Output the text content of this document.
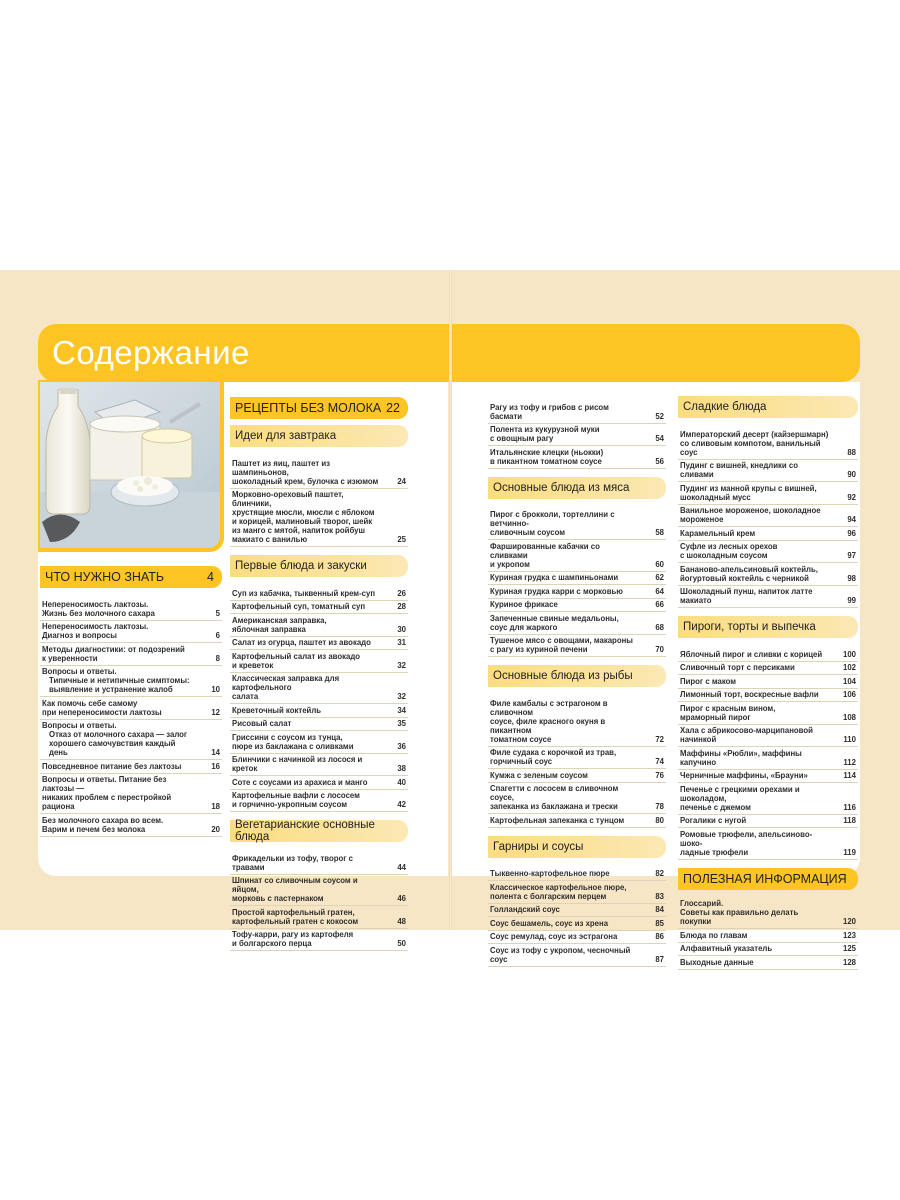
Содержание
ЧТО НУЖНО ЗНАТЬ	4
Непереносимость лактозы.
Жизнь без молочного сахара	5
Непереносимость лактозы.
Диагноз и вопросы	6
Методы диагностики: от подозрений
к уверенности	8
Вопросы и ответы.
Типичные и нетипичные симптомы:
выявление и устранение жалоб	10
Как помочь себе самому
при непереносимости лактозы	12
Вопросы и ответы.
Отказ от молочного сахара — залог
хорошего самочувствия каждый день	14
Повседневное питание без лактозы	16
Вопросы и ответы. Питание без лактозы —
никаких проблем с перестройкой рациона	18
Без молочного сахара во всем.
Варим и печем без молока	20
РЕЦЕПТЫ БЕЗ МОЛОКА 22
Идеи для завтрака
Паштет из яиц, паштет из шампиньонов,
шоколадный крем, булочка с изюмом	24
Морковно-ореховый паштет, блинчики,
хрустящие мюсли, мюсли с яблоком
и корицей, малиновый творог, шейк
из манго с мятой, напиток ройбуш
макиато с ванилью	25
Первые блюда и закуски
Суп из кабачка, тыквенный крем-суп	26
Картофельный суп, томатный суп	28
Американская заправка,
яблочная заправка	30
Салат из огурца, паштет из авокадо	31
Картофельный салат из авокадо
и креветок	32
Классическая заправка для картофельного
салата	32
Креветочный коктейль	34
Рисовый салат	35
Гриссини с соусом из тунца,
пюре из баклажана с оливками	36
Блинчики с начинкой из лосося и креток	38
Соте с соусами из арахиса и манго	40
Картофельные вафли с лососем
и горчично-укропным соусом	42
Вегетарианские основные блюда
Фрикадельки из тофу, творог с травами	44
Шпинат со сливочным соусом и яйцом,
морковь с пастернаком	46
Простой картофельный гратен,
картофельный гратен с кокосом	48
Тофу-карри, рагу из картофеля
и болгарского перца	50
Рагу из тофу и грибов с рисом басмати	52
Полента из кукурузной муки
с овощным рагу	54
Итальянские клецки (ньокки)
в пикантном томатном соусе	56
Основные блюда из мяса
Пирог с брокколи, тортеллини с ветчинно-
сливочным соусом	58
Фаршированные кабачки со сливками
и укропом	60
Куриная грудка с шампиньонами	62
Куриная грудка карри с морковью	64
Куриное фрикасе	66
Запеченные свиные медальоны,
соус для жаркого	68
Тушеное мясо с овощами, макароны
с рагу из куриной печени	70
Основные блюда из рыбы
Филе камбалы с эстрагоном в сливочном
соусе, филе красного окуня в пикантном
томатном соусе	72
Филе судака с корочкой из трав,
горчичный соус	74
Кумжа с зеленым соусом	76
Спагетти с лососем в сливочном соусе,
запеканка из баклажана и трески	78
Картофельная запеканка с тунцом	80
Гарниры и соусы
Тыквенно-картофельное пюре	82
Классическое картофельное пюре,
полента с болгарским перцем	83
Голландский соус	84
Соус бешамель, соус из хрена	85
Соус ремулад, соус из эстрагона	86
Соус из тофу с укропом, чесночный соус	87
Сладкие блюда
Императорский десерт (кайзершмарн)
со сливовым компотом, ванильный соус	88
Пудинг с вишней, кнедлики со сливами	90
Пудинг из манной крупы с вишней,
шоколадный мусс	92
Ванильное мороженое, шоколадное
мороженое	94
Карамельный крем	96
Суфле из лесных орехов
с шоколадным соусом	97
Бананово-апельсиновый коктейль,
йогуртовый коктейль с черникой	98
Шоколадный пунш, напиток латте макиато	99
Пироги, торты и выпечка
Яблочный пирог и сливки с корицей	100
Сливочный торт с персиками	102
Пирог с маком	104
Лимонный торт, воскресные вафли	106
Пирог с красным вином,
мраморный пирог	108
Хала с абрикосово-марципановой
начинкой	110
Маффины «Рюбли», маффины капучино	112
Черничные маффины, «Брауни»	114
Печенье с грецкими орехами и шоколадом,
печенье с джемом	116
Рогалики с нугой	118
Ромовые трюфели, апельсиново-шоко-
ладные трюфели	119
ПОЛЕЗНАЯ ИНФОРМАЦИЯ
Глоссарий.
Советы как правильно делать покупки	120
Блюда по главам	123
Алфавитный указатель	125
Выходные данные	128
